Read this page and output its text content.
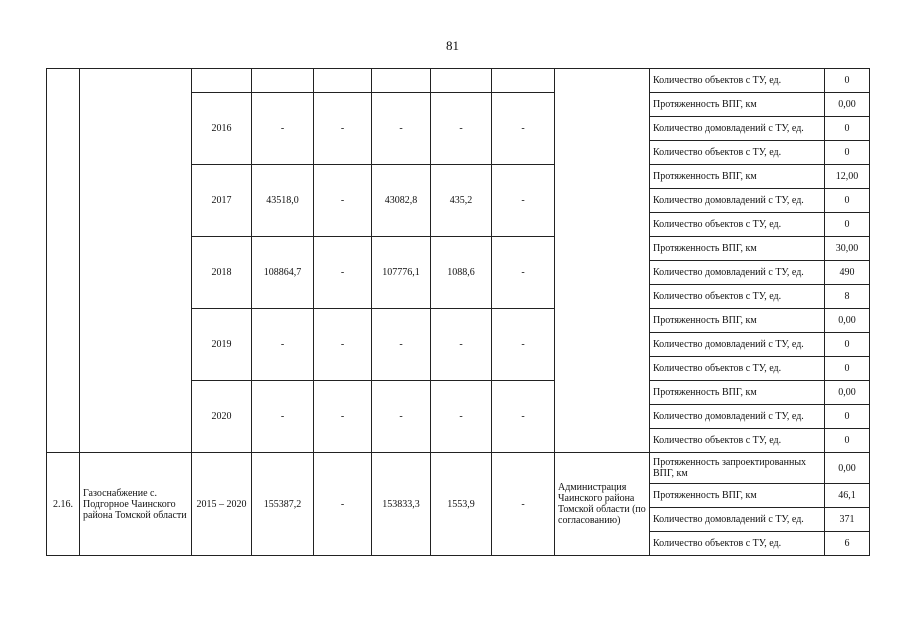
81
									Количество объектов с ТУ, ед.	0
		2016	-	-	-	-	-		Протяженность ВПГ, км	0,00
									Количество домовладений с ТУ, ед.	0
									Количество объектов с ТУ, ед.	0
		2017	43518,0	-	43082,8	435,2	-		Протяженность ВПГ, км	12,00
									Количество домовладений с ТУ, ед.	0
									Количество объектов с ТУ, ед.	0
		2018	108864,7	-	107776,1	1088,6	-		Протяженность ВПГ, км	30,00
									Количество домовладений с ТУ, ед.	490
									Количество объектов с ТУ, ед.	8
		2019	-	-	-	-	-		Протяженность ВПГ, км	0,00
									Количество домовладений с ТУ, ед.	0
									Количество объектов с ТУ, ед.	0
		2020	-	-	-	-	-		Протяженность ВПГ, км	0,00
									Количество домовладений с ТУ, ед.	0
									Количество объектов с ТУ, ед.	0
2.16.	Газоснабжение с. Подгорное Чаинского района Томской области	2015 – 2020	155387,2	-	153833,3	1553,9	-	Администрация Чаинского района Томской области (по согласованию)	Протяженность запроектированных ВПГ, км	0,00
									Протяженность ВПГ, км	46,1
									Количество домовладений с ТУ, ед.	371
									Количество объектов с ТУ, ед.	6
